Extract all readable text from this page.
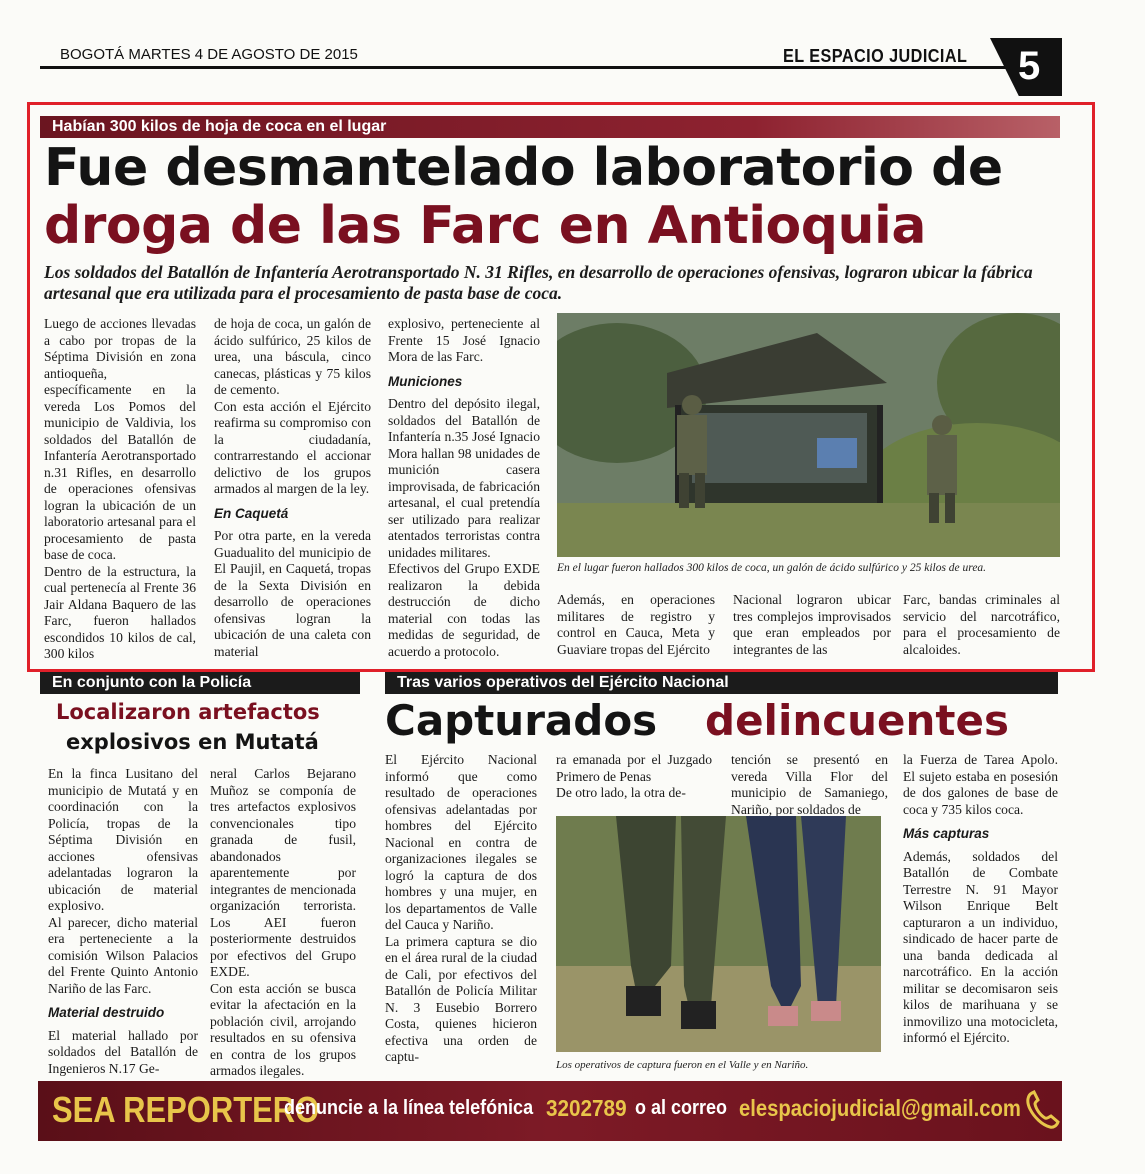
BOGOTÁ MARTES 4 DE AGOSTO DE 2015	EL ESPACIO JUDICIAL 5
Habían 300 kilos de hoja de coca en el lugar
Fue desmantelado laboratorio de
droga de las Farc en Antioquia
Los soldados del Batallón de Infantería Aerotransportado N. 31 Rifles, en desarrollo de operaciones ofensivas, lograron ubicar la fábrica artesanal que era utilizada para el procesamiento de pasta base de coca.

Luego de acciones llevadas a cabo por tropas de la Séptima División en zona antioqueña, específicamente en la vereda Los Pomos del municipio de Valdivia, los soldados del Batallón de Infantería Aerotransportado n.31 Rifles, en desarrollo de operaciones ofensivas logran la ubicación de un laboratorio artesanal para el procesamiento de pasta base de coca.

Dentro de la estructura, la cual pertenecía al Frente 36 Jair Aldana Baquero de las Farc, fueron hallados escondidos 10 kilos de cal, 300 kilos

de hoja de coca, un galón de ácido sulfúrico, 25 kilos de urea, una báscula, cinco canecas, plásticas y 75 kilos de cemento.

Con esta acción el Ejército reafirma su compromiso con la ciudadanía, contrarrestando el accionar delictivo de los grupos armados al margen de la ley.

En Caquetá

Por otra parte, en la vereda Guadualito del municipio de El Paujil, en Caquetá, tropas de la Sexta División en desarrollo de operaciones ofensivas logran la ubicación de una caleta con material

explosivo, perteneciente al Frente 15 José Ignacio Mora de las Farc.

Municiones

Dentro del depósito ilegal, soldados del Batallón de Infantería n.35 José Ignacio Mora hallan 98 unidades de munición casera improvisada, de fabricación artesanal, el cual pretendía ser utilizado para realizar atentados terroristas contra unidades militares.

Efectivos del Grupo EXDE realizaron la debida destrucción de dicho material con todas las medidas de seguridad, de acuerdo a protocolo.

En el lugar fueron hallados 300 kilos de coca, un galón de ácido sulfúrico y 25 kilos de urea.
Además, en operaciones militares de registro y control en Cauca, Meta y Guaviare tropas del Ejército
Nacional lograron ubicar tres complejos improvisados que eran empleados por integrantes de las
Farc, bandas criminales al servicio del narcotráfico, para el procesamiento de alcaloides.
En conjunto con la Policía
Localizaron artefactos
explosivos en Mutatá

En la finca Lusitano del municipio de Mutatá y en coordinación con la Policía, tropas de la Séptima División en acciones ofensivas adelantadas lograron la ubicación de material explosivo.

Al parecer, dicho material era perteneciente a la comisión Wilson Palacios del Frente Quinto Antonio Nariño de las Farc.

Material destruido

El material hallado por soldados del Batallón de Ingenieros N.17 Ge-

neral Carlos Bejarano Muñoz se componía de tres artefactos explosivos convencionales tipo granada de fusil, abandonados aparentemente por integrantes de mencionada organización terrorista. Los AEI fueron posteriormente destruidos por efectivos del Grupo EXDE.

Con esta acción se busca evitar la afectación en la población civil, arrojando resultados en su ofensiva en contra de los grupos armados ilegales.

Tras varios operativos del Ejército Nacional
Capturados delincuentes

El Ejército Nacional informó que como resultado de operaciones ofensivas adelantadas por hombres del Ejército Nacional en contra de organizaciones ilegales se logró la captura de dos hombres y una mujer, en los departamentos de Valle del Cauca y Nariño.

La primera captura se dio en el área rural de la ciudad de Cali, por efectivos del Batallón de Policía Militar N. 3 Eusebio Borrero Costa, quienes hicieron efectiva una orden de captu-

ra emanada por el Juzgado Primero de Penas

De otro lado, la otra de-

tención se presentó en vereda Villa Flor del municipio de Samaniego, Nariño, por soldados de

la Fuerza de Tarea Apolo. El sujeto estaba en posesión de dos galones de base de coca y 735 kilos coca.

Más capturas

Además, soldados del Batallón de Combate Terrestre N. 91 Mayor Wilson Enrique Belt capturaron a un individuo, sindicado de hacer parte de una banda dedicada al narcotráfico. En la acción militar se decomisaron seis kilos de marihuana y se inmovilizo una motocicleta, informó el Ejército.

Los operativos de captura fueron en el Valle y en Nariño.
SEA REPORTERO
denuncie a la línea telefónica 3202789 o al correo elespaciojudicial@gmail.com
